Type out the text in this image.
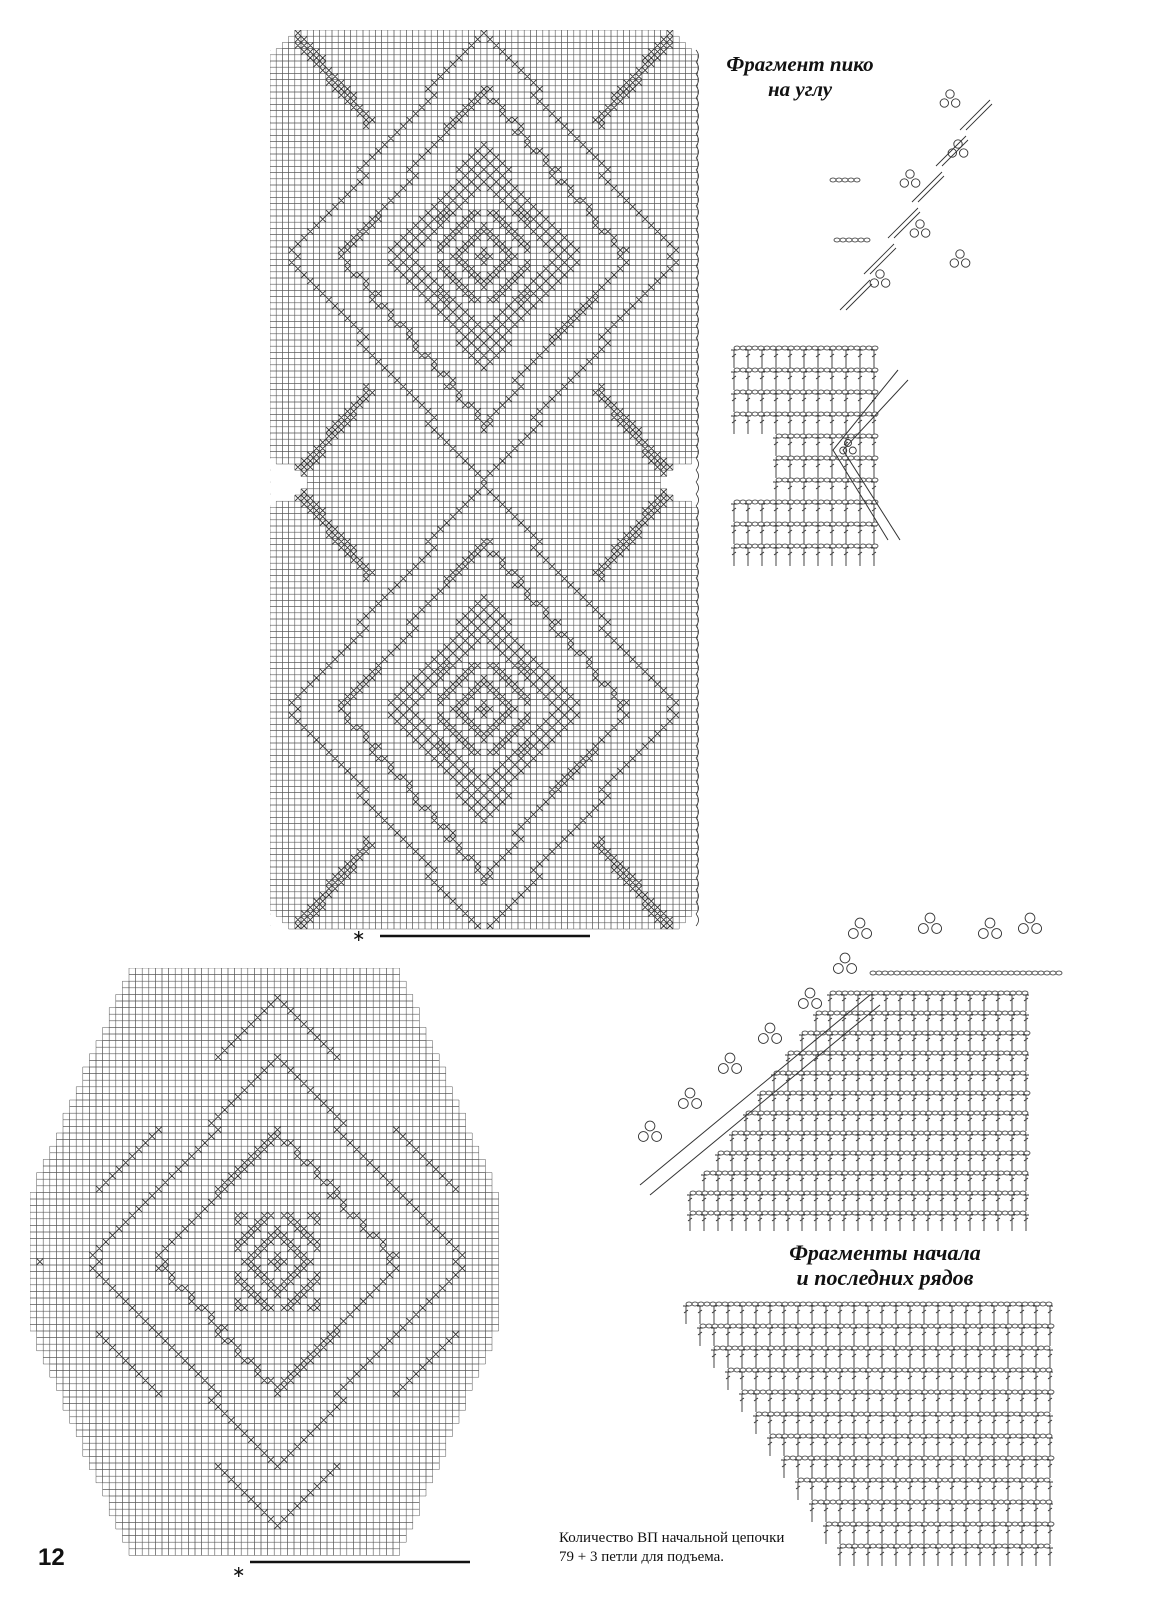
∗
∗
Фрагмент пико
на углу
Фрагменты начала
и последних рядов
Количество ВП начальной цепочки
79 + 3 петли для подъема.
12
